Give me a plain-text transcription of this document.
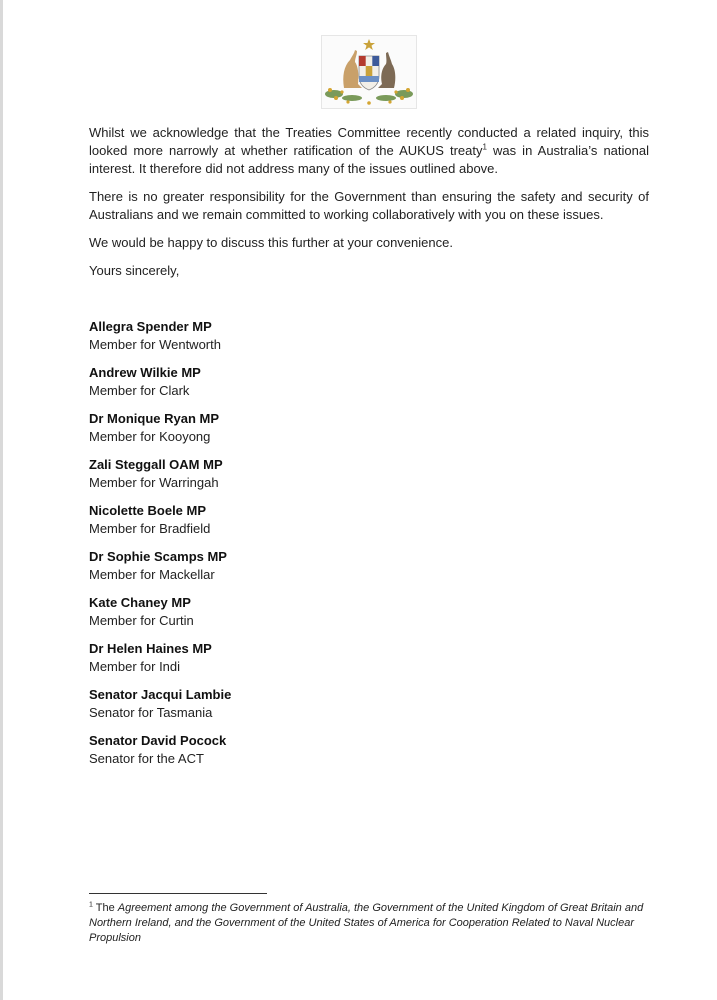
Whilst we acknowledge that the Treaties Committee recently conducted a related inquiry, this looked more narrowly at whether ratification of the AUKUS treaty$^1$ was in Australia’s national interest. It therefore did not address many of the issues outlined above.

There is no greater responsibility for the Government than ensuring the safety and security of Australians and we remain committed to working collaboratively with you on these issues.

We would be happy to discuss this further at your convenience.

Yours sincerely,

Allegra Spender MP
Member for Wentworth
Andrew Wilkie MP
Member for Clark
Dr Monique Ryan MP
Member for Kooyong
Zali Steggall OAM MP
Member for Warringah
Nicolette Boele MP
Member for Bradfield
Dr Sophie Scamps MP
Member for Mackellar
Kate Chaney MP
Member for Curtin
Dr Helen Haines MP
Member for Indi
Senator Jacqui Lambie
Senator for Tasmania
Senator David Pocock
Senator for the ACT
$^1$ The Agreement among the Government of Australia, the Government of the United Kingdom of Great Britain and Northern Ireland, and the Government of the United States of America for Cooperation Related to Naval Nuclear Propulsion
